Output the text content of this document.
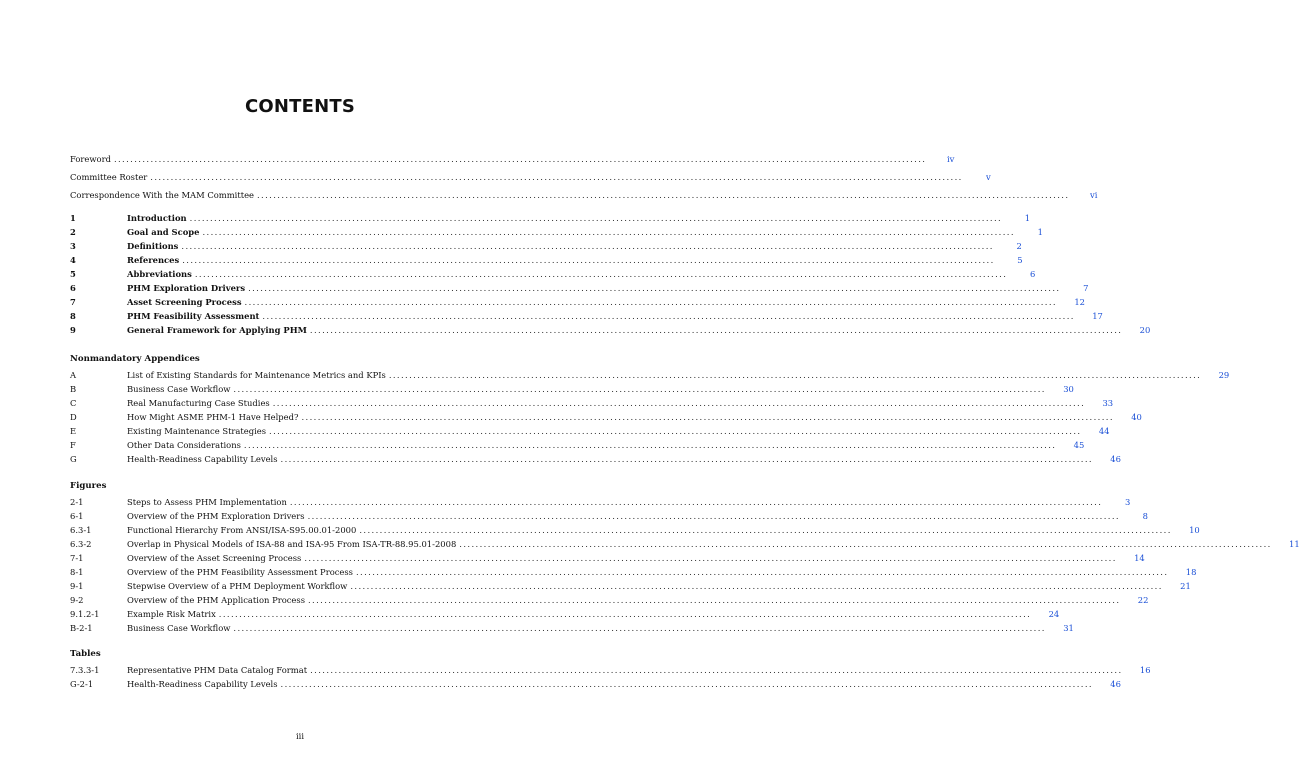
CONTENTS
Foreword ........................................................................................................................................................................................................	iv
Committee Roster ........................................................................................................................................................................................................	v
Correspondence With the MAM Committee ........................................................................................................................................................................................................	vi
1	Introduction ........................................................................................................................................................................................................	1
2	Goal and Scope ........................................................................................................................................................................................................	1
3	Definitions ........................................................................................................................................................................................................	2
4	References ........................................................................................................................................................................................................	5
5	Abbreviations ........................................................................................................................................................................................................	6
6	PHM Exploration Drivers ........................................................................................................................................................................................................	7
7	Asset Screening Process ........................................................................................................................................................................................................	12
8	PHM Feasibility Assessment ........................................................................................................................................................................................................	17
9	General Framework for Applying PHM ........................................................................................................................................................................................................	20
Nonmandatory Appendices
A	List of Existing Standards for Maintenance Metrics and KPIs ........................................................................................................................................................................................................	29
B	Business Case Workflow ........................................................................................................................................................................................................	30
C	Real Manufacturing Case Studies ........................................................................................................................................................................................................	33
D	How Might ASME PHM-1 Have Helped? ........................................................................................................................................................................................................	40
E	Existing Maintenance Strategies ........................................................................................................................................................................................................	44
F	Other Data Considerations ........................................................................................................................................................................................................	45
G	Health-Readiness Capability Levels ........................................................................................................................................................................................................	46
Figures
2-1	Steps to Assess PHM Implementation ........................................................................................................................................................................................................	3
6-1	Overview of the PHM Exploration Drivers ........................................................................................................................................................................................................	8
6.3-1	Functional Hierarchy From ANSI/ISA-S95.00.01-2000 ........................................................................................................................................................................................................	10
6.3-2	Overlap in Physical Models of ISA-88 and ISA-95 From ISA-TR-88.95.01-2008 ........................................................................................................................................................................................................	11
7-1	Overview of the Asset Screening Process ........................................................................................................................................................................................................	14
8-1	Overview of the PHM Feasibility Assessment Process ........................................................................................................................................................................................................	18
9-1	Stepwise Overview of a PHM Deployment Workflow ........................................................................................................................................................................................................	21
9-2	Overview of the PHM Application Process ........................................................................................................................................................................................................	22
9.1.2-1	Example Risk Matrix ........................................................................................................................................................................................................	24
B-2-1	Business Case Workflow ........................................................................................................................................................................................................	31
Tables
7.3.3-1	Representative PHM Data Catalog Format ........................................................................................................................................................................................................	16
G-2-1	Health-Readiness Capability Levels ........................................................................................................................................................................................................	46
iii
